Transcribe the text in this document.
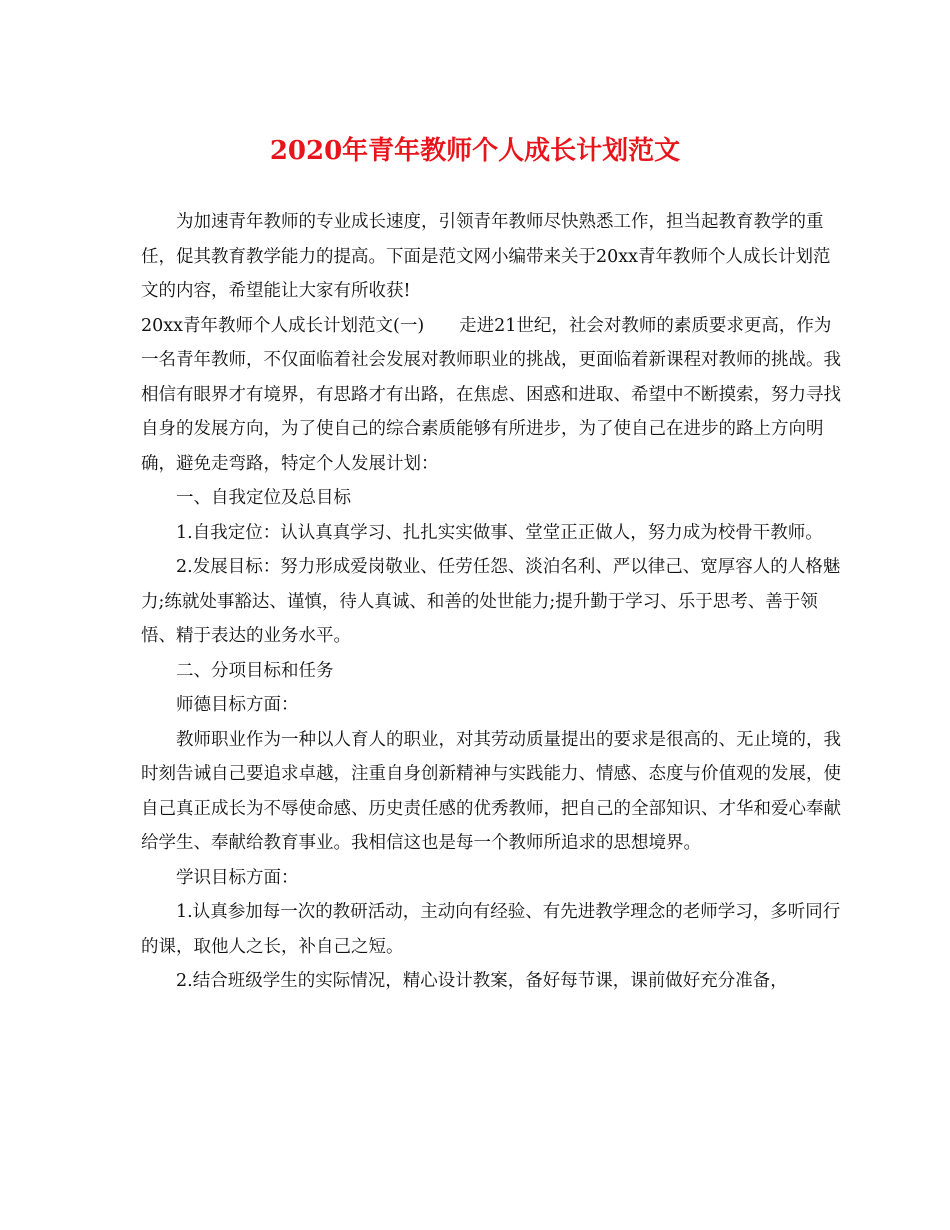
2020年青年教师个人成长计划范文

为加速青年教师的专业成长速度，引领青年教师尽快熟悉工作，担当起教育教学的重任，促其教育教学能力的提高。下面是范文网小编带来关于20xx青年教师个人成长计划范文的内容，希望能让大家有所收获!

20xx青年教师个人成长计划范文(一)　　走进21世纪，社会对教师的素质要求更高，作为一名青年教师，不仅面临着社会发展对教师职业的挑战，更面临着新课程对教师的挑战。我相信有眼界才有境界，有思路才有出路，在焦虑、困惑和进取、希望中不断摸索，努力寻找自身的发展方向，为了使自己的综合素质能够有所进步，为了使自己在进步的路上方向明确，避免走弯路，特定个人发展计划：

一、自我定位及总目标

1.自我定位：认认真真学习、扎扎实实做事、堂堂正正做人，努力成为校骨干教师。

2.发展目标：努力形成爱岗敬业、任劳任怨、淡泊名利、严以律己、宽厚容人的人格魅力;练就处事豁达、谨慎，待人真诚、和善的处世能力;提升勤于学习、乐于思考、善于领悟、精于表达的业务水平。

二、分项目标和任务

师德目标方面：

教师职业作为一种以人育人的职业，对其劳动质量提出的要求是很高的、无止境的，我时刻告诫自己要追求卓越，注重自身创新精神与实践能力、情感、态度与价值观的发展，使自己真正成长为不辱使命感、历史责任感的优秀教师，把自己的全部知识、才华和爱心奉献给学生、奉献给教育事业。我相信这也是每一个教师所追求的思想境界。

学识目标方面：

1.认真参加每一次的教研活动，主动向有经验、有先进教学理念的老师学习，多听同行的课，取他人之长，补自己之短。

2.结合班级学生的实际情况，精心设计教案，备好每节课，课前做好充分准备，
